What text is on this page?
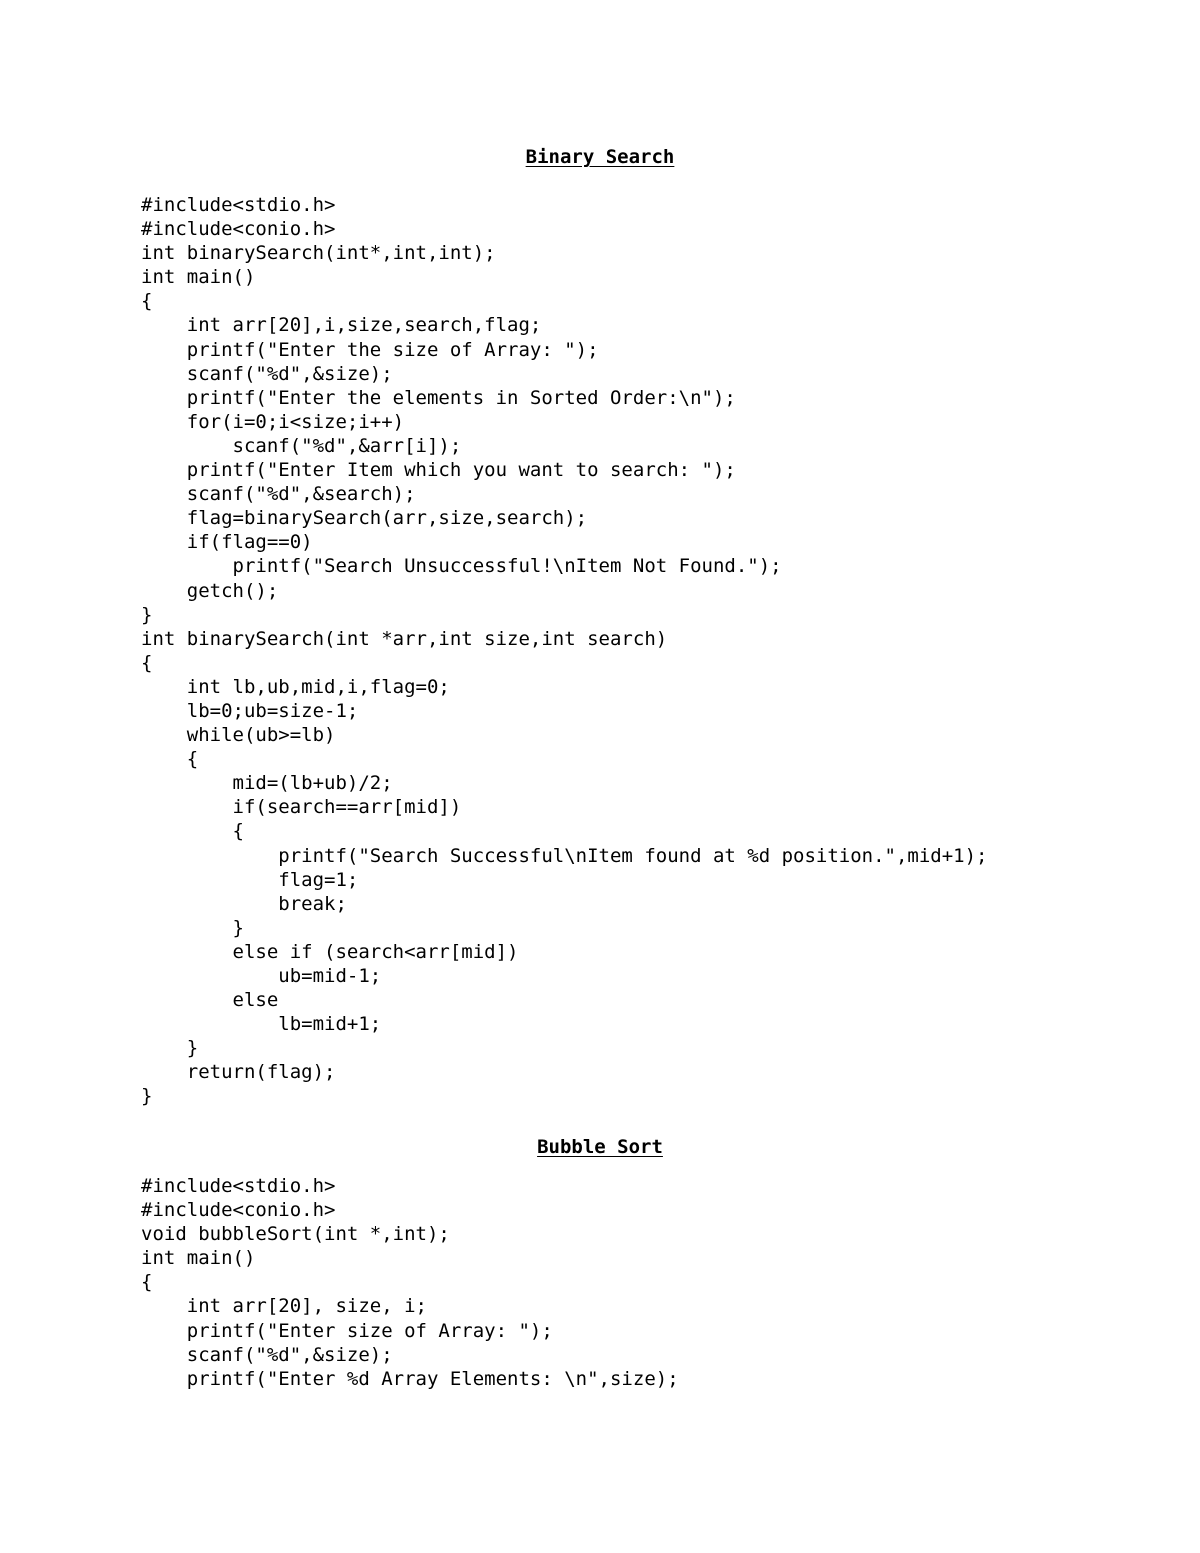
Binary Search
#include<stdio.h>
#include<conio.h>
int binarySearch(int*,int,int);
int main()
{
int arr[20],i,size,search,flag;
printf("Enter the size of Array: ");
scanf("%d",&size);
printf("Enter the elements in Sorted Order:\n");
for(i=0;i<size;i++)
scanf("%d",&arr[i]);
printf("Enter Item which you want to search: ");
scanf("%d",&search);
flag=binarySearch(arr,size,search);
if(flag==0)
printf("Search Unsuccessful!\nItem Not Found.");
getch();
}
int binarySearch(int *arr,int size,int search)
{
int lb,ub,mid,i,flag=0;
lb=0;ub=size-1;
while(ub>=lb)
{
mid=(lb+ub)/2;
if(search==arr[mid])
{
printf("Search Successful\nItem found at %d position.",mid+1);
flag=1;
break;
}
else if (search<arr[mid])
ub=mid-1;
else
lb=mid+1;
}
return(flag);
}
Bubble Sort
#include<stdio.h>
#include<conio.h>
void bubbleSort(int *,int);
int main()
{
int arr[20], size, i;
printf("Enter size of Array: ");
scanf("%d",&size);
printf("Enter %d Array Elements: \n",size);
